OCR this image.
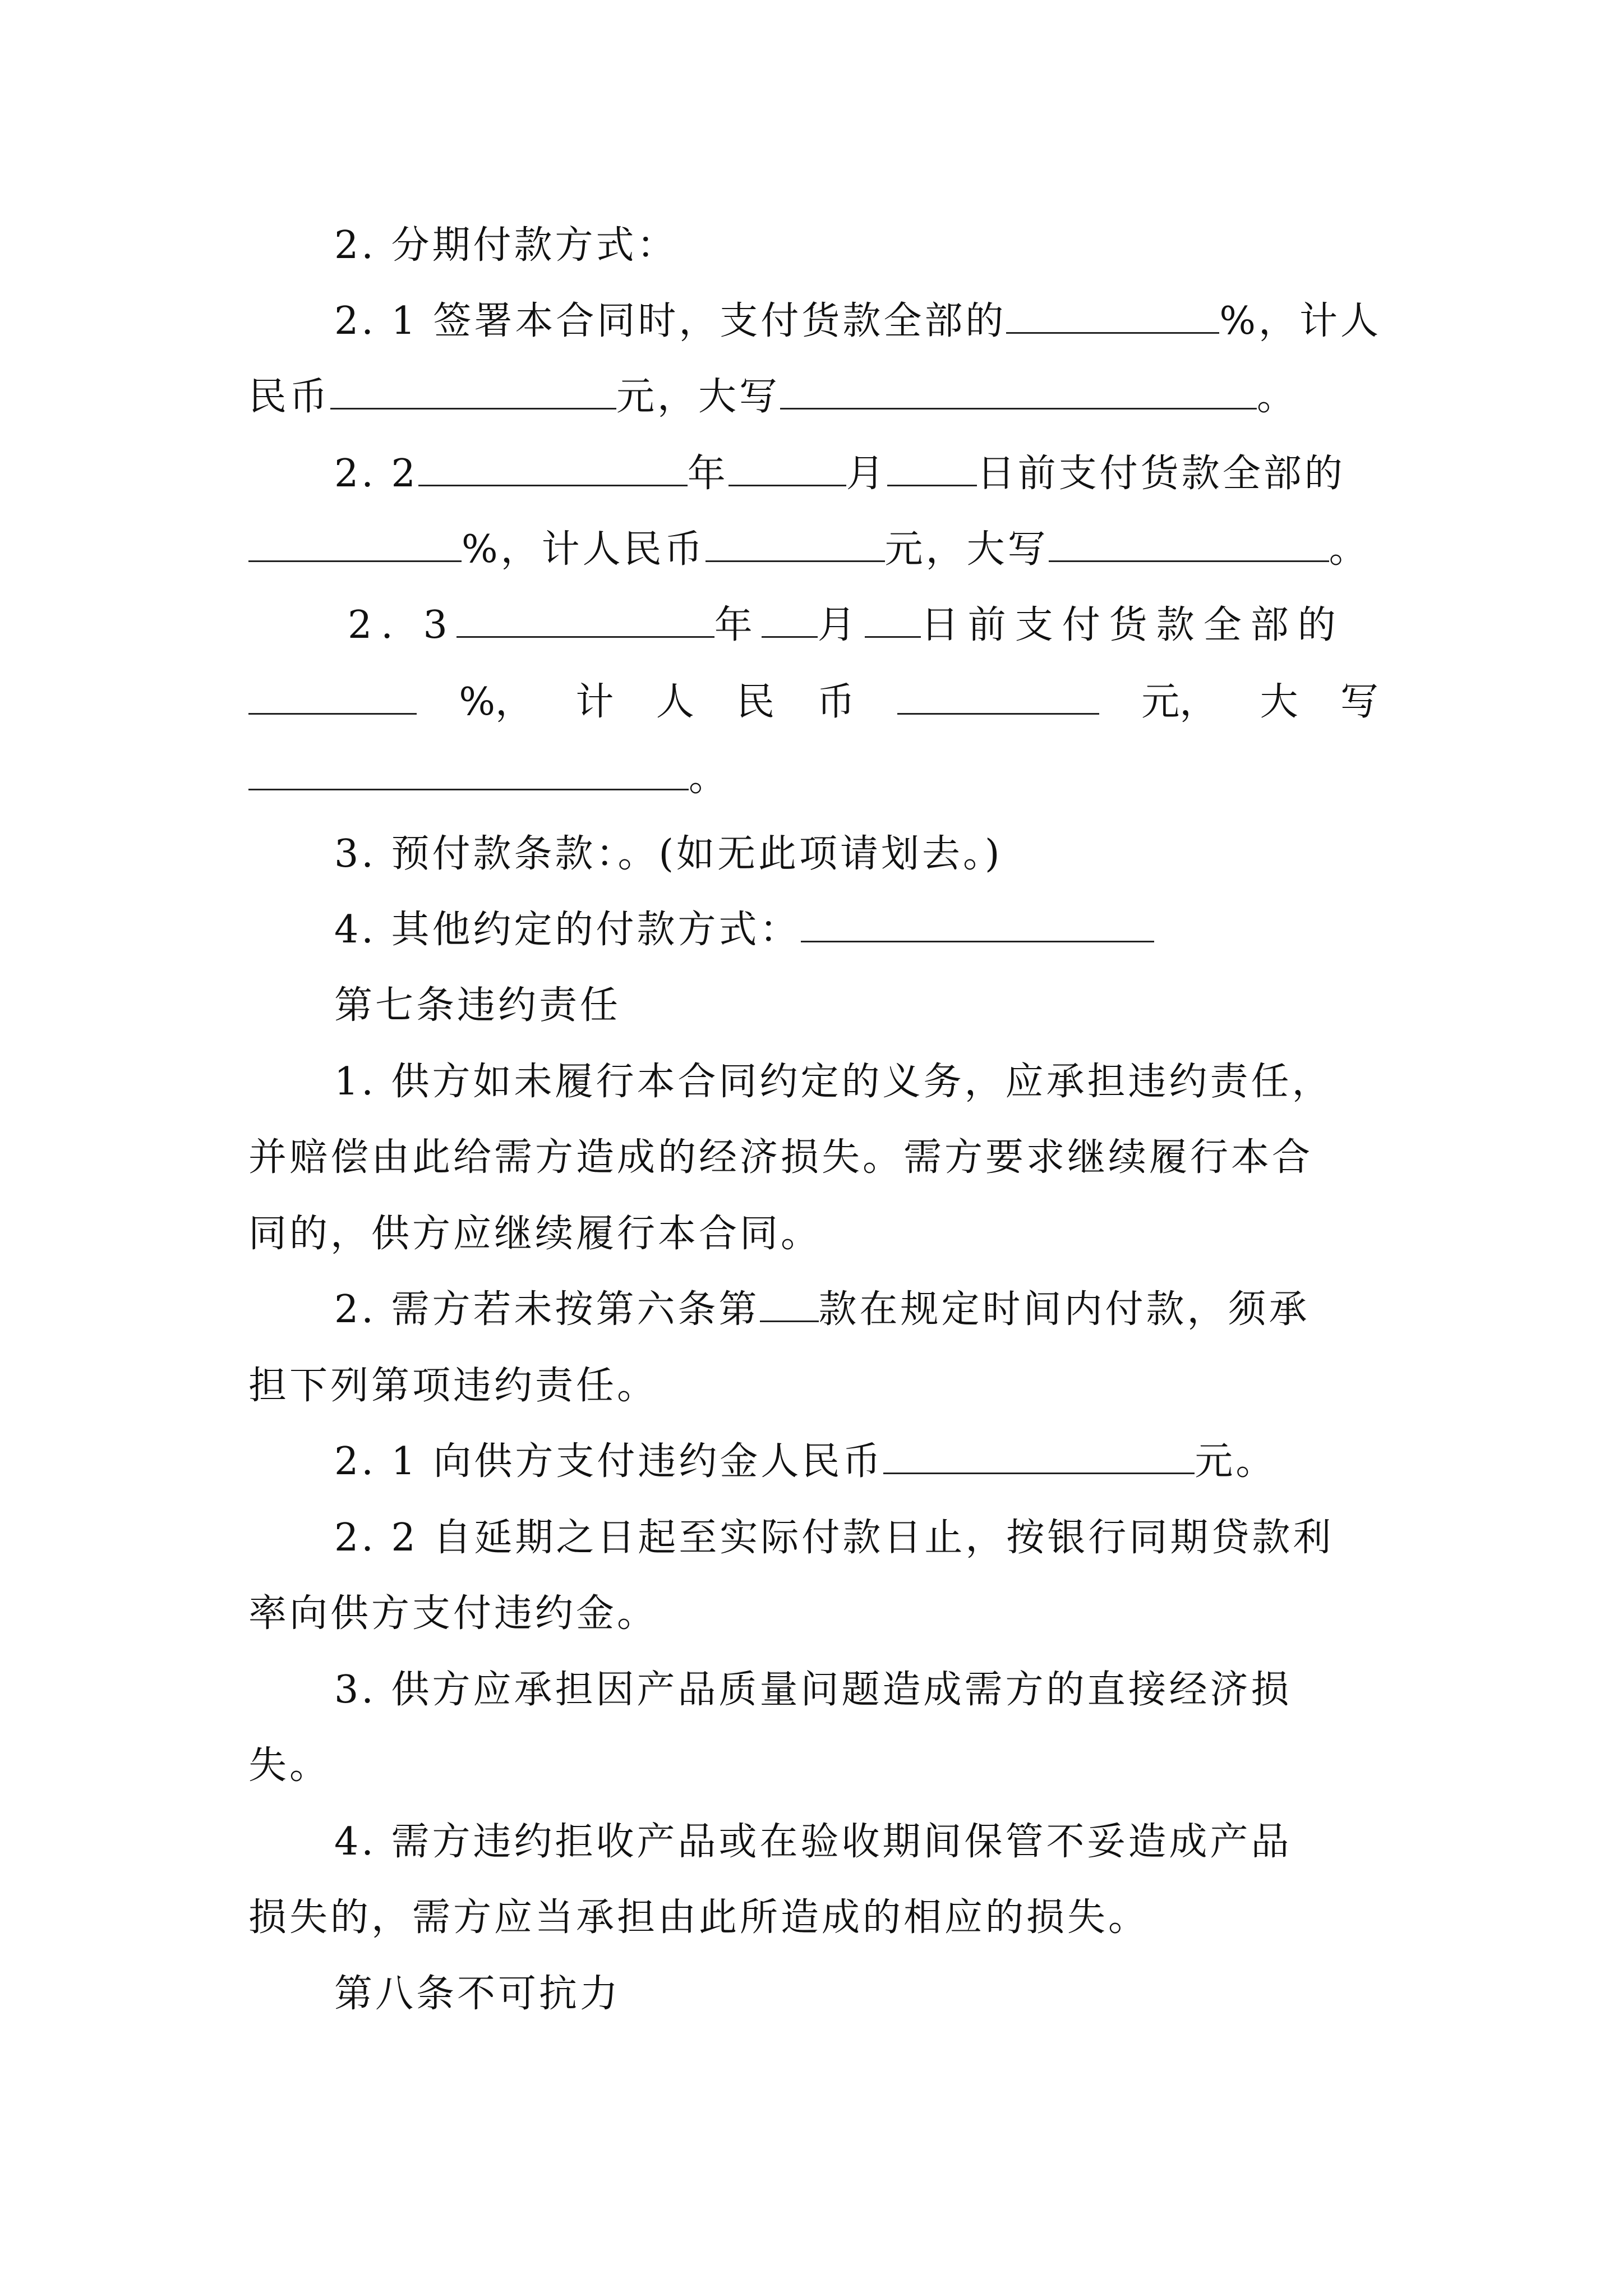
2. 分期付款方式：
2. 1 签署本合同时，支付货款全部的	%，计人
民币	元，大写	。
2. 2	年	月 日前支付货款全部的
%，计人民币	元，大写	。
2. 3	年 月 日前支付货款全部的
%， 计 人 民 币	元， 大 写
。
3. 预付款条款：。(如无此项请划去。)
4. 其他约定的付款方式：
第七条违约责任
1. 供方如未履行本合同约定的义务，应承担违约责任，
并赔偿由此给需方造成的经济损失。需方要求继续履行本合
同的，供方应继续履行本合同。
2. 需方若未按第六条第 款在规定时间内付款，须承
担下列第项违约责任。
2. 1 向供方支付违约金人民币	元。
2. 2 自延期之日起至实际付款日止，按银行同期贷款利
率向供方支付违约金。
3. 供方应承担因产品质量问题造成需方的直接经济损
失。
4. 需方违约拒收产品或在验收期间保管不妥造成产品
损失的，需方应当承担由此所造成的相应的损失。
第八条不可抗力
